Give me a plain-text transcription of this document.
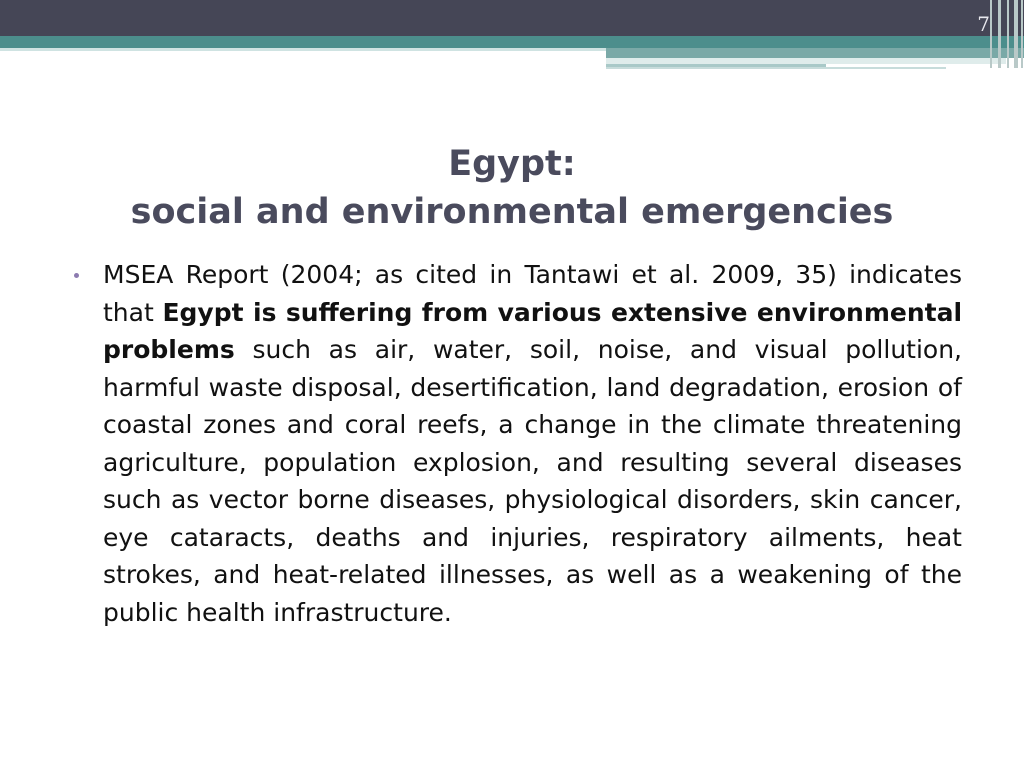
7
Egypt:
social and environmental emergencies
MSEA Report (2004; as cited in Tantawi et al. 2009, 35) indicates that Egypt is suffering from various extensive environmental problems such as air, water, soil, noise, and visual pollution, harmful waste disposal, desertification, land degradation, erosion of coastal zones and coral reefs, a change in the climate threatening agriculture, population explosion, and resulting several diseases such as vector borne diseases, physiological disorders, skin cancer, eye cataracts, deaths and injuries, respiratory ailments, heat strokes, and heat-related illnesses, as well as a weakening of the public health infrastructure.
